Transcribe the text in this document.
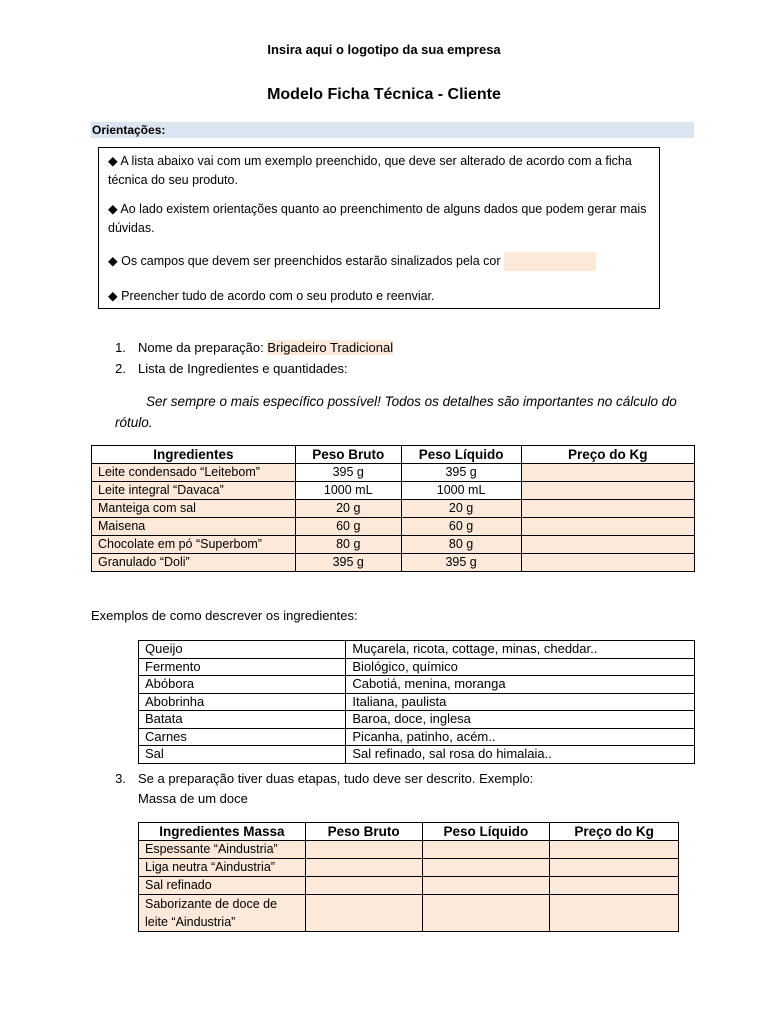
Insira aqui o logotipo da sua empresa
Modelo Ficha Técnica - Cliente
Orientações:

◆ A lista abaixo vai com um exemplo preenchido, que deve ser alterado de acordo com a ficha técnica do seu produto.

◆ Ao lado existem orientações quanto ao preenchimento de alguns dados que podem gerar mais dúvidas.

◆ Os campos que devem ser preenchidos estarão sinalizados pela cor

◆ Preencher tudo de acordo com o seu produto e reenviar.

1. Nome da preparação: Brigadeiro Tradicional
2. Lista de Ingredientes e quantidades:
Ser sempre o mais específico possível! Todos os detalhes são importantes no cálculo do rótulo.
Ingredientes	Peso Bruto	Peso Líquido	Preço do Kg
Leite condensado “Leitebom”	395 g	395 g	
Leite integral “Davaca”	1000 mL	1000 mL	
Manteiga com sal	20 g	20 g	
Maisena	60 g	60 g	
Chocolate em pó “Superbom”	80 g	80 g	
Granulado “Doli”	395 g	395 g	
Exemplos de como descrever os ingredientes:
Queijo	Muçarela, ricota, cottage, minas, cheddar..
Fermento	Biológico, químico
Abóbora	Cabotiá, menina, moranga
Abobrinha	Italiana, paulista
Batata	Baroa, doce, inglesa
Carnes	Picanha, patinho, acém..
Sal	Sal refinado, sal rosa do himalaia..
3. Se a preparação tiver duas etapas, tudo deve ser descrito. Exemplo:
Massa de um doce
Ingredientes Massa	Peso Bruto	Peso Líquido	Preço do Kg
Espessante “Aindustria”			
Liga neutra “Aindustria”			
Sal refinado			
Saborizante de doce de leite “Aindustria”			
